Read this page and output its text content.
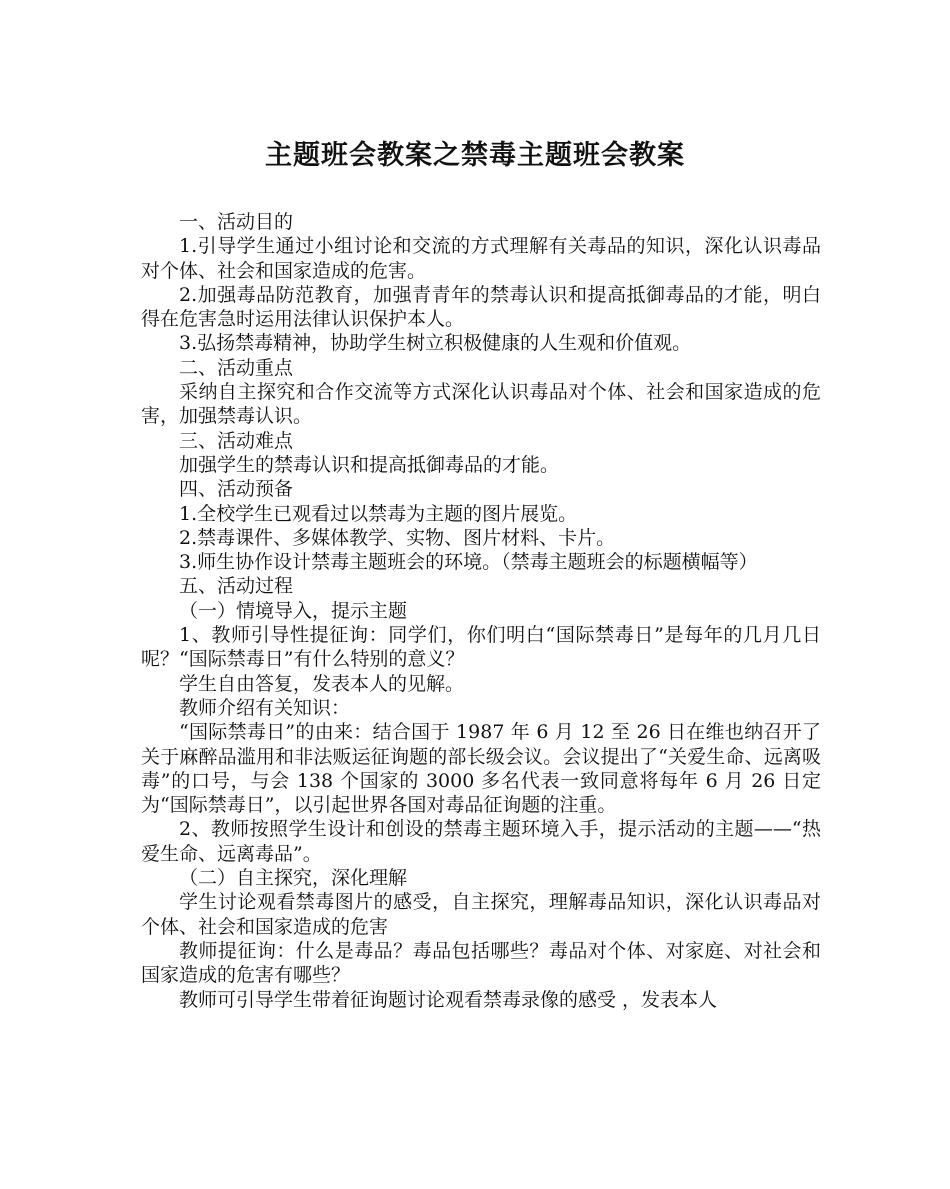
主题班会教案之禁毒主题班会教案

一、活动目的

1.引导学生通过小组讨论和交流的方式理解有关毒品的知识，深化认识毒品对个体、社会和国家造成的危害。

2.加强毒品防范教育，加强青青年的禁毒认识和提高抵御毒品的才能，明白得在危害急时运用法律认识保护本人。

3.弘扬禁毒精神，协助学生树立积极健康的人生观和价值观。

二、活动重点

采纳自主探究和合作交流等方式深化认识毒品对个体、社会和国家造成的危害，加强禁毒认识。

三、活动难点

加强学生的禁毒认识和提高抵御毒品的才能。

四、活动预备

1.全校学生已观看过以禁毒为主题的图片展览。

2.禁毒课件、多媒体教学、实物、图片材料、卡片。

3.师生协作设计禁毒主题班会的环境。（禁毒主题班会的标题横幅等）

五、活动过程

（一）情境导入，提示主题

1、教师引导性提征询：同学们，你们明白“国际禁毒日”是每年的几月几日呢？“国际禁毒日”有什么特别的意义？

学生自由答复，发表本人的见解。

教师介绍有关知识：

“国际禁毒日”的由来：结合国于 1987 年 6 月 12 至 26 日在维也纳召开了关于麻醉品滥用和非法贩运征询题的部长级会议。会议提出了“关爱生命、远离吸毒”的口号，与会 138 个国家的 3000 多名代表一致同意将每年 6 月 26 日定为“国际禁毒日”，以引起世界各国对毒品征询题的注重。

2、教师按照学生设计和创设的禁毒主题环境入手，提示活动的主题——“热爱生命、远离毒品”。

（二）自主探究，深化理解

学生讨论观看禁毒图片的感受，自主探究，理解毒品知识，深化认识毒品对个体、社会和国家造成的危害

教师提征询：什么是毒品？毒品包括哪些？毒品对个体、对家庭、对社会和国家造成的危害有哪些？

教师可引导学生带着征询题讨论观看禁毒录像的感受 ，发表本人
